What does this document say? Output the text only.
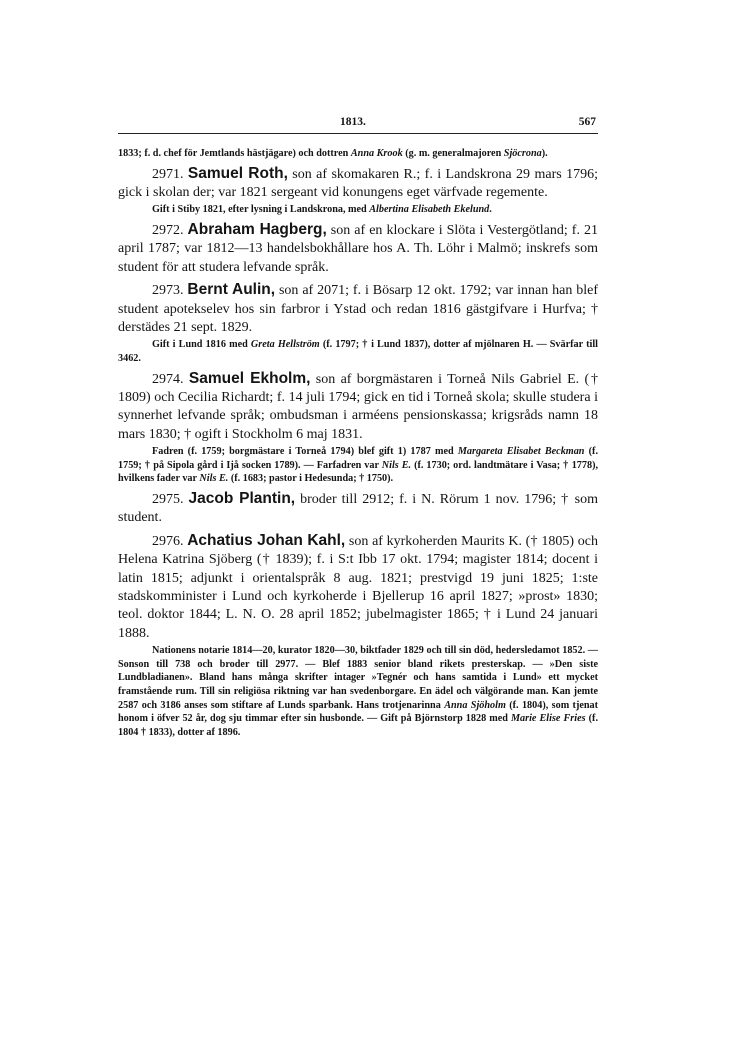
1813.	567

1833; f. d. chef för Jemtlands hästjägare) och dottren Anna Krook (g. m. generalmajoren Sjöcrona).

2971. Samuel Roth, son af skomakaren R.; f. i Landskrona 29 mars 1796; gick i skolan der; var 1821 sergeant vid konungens eget värfvade regemente.

Gift i Stiby 1821, efter lysning i Landskrona, med Albertina Elisabeth Ekelund.

2972. Abraham Hagberg, son af en klockare i Slöta i Vestergötland; f. 21 april 1787; var 1812—13 handelsbokhållare hos A. Th. Löhr i Malmö; inskrefs som student för att studera lefvande språk.

2973. Bernt Aulin, son af 2071; f. i Bösarp 12 okt. 1792; var innan han blef student apotekselev hos sin farbror i Ystad och redan 1816 gästgifvare i Hurfva; † derstädes 21 sept. 1829.

Gift i Lund 1816 med Greta Hellström (f. 1797; † i Lund 1837), dotter af mjölnaren H. — Svärfar till 3462.

2974. Samuel Ekholm, son af borgmästaren i Torneå Nils Gabriel E. († 1809) och Cecilia Richardt; f. 14 juli 1794; gick en tid i Torneå skola; skulle studera i synnerhet lefvande språk; ombudsman i arméens pensionskassa; krigsråds namn 18 mars 1830; † ogift i Stockholm 6 maj 1831.

Fadren (f. 1759; borgmästare i Torneå 1794) blef gift 1) 1787 med Margareta Elisabet Beckman (f. 1759; † på Sipola gård i Ijå socken 1789). — Farfadren var Nils E. (f. 1730; ord. landtmätare i Vasa; † 1778), hvilkens fader var Nils E. (f. 1683; pastor i Hedesunda; † 1750).

2975. Jacob Plantin, broder till 2912; f. i N. Rörum 1 nov. 1796; † som student.

2976. Achatius Johan Kahl, son af kyrkoherden Maurits K. († 1805) och Helena Katrina Sjöberg († 1839); f. i S:t Ibb 17 okt. 1794; magister 1814; docent i latin 1815; adjunkt i orientalspråk 8 aug. 1821; prestvigd 19 juni 1825; 1:ste stadskomminister i Lund och kyrkoherde i Bjellerup 16 april 1827; »prost» 1830; teol. doktor 1844; L. N. O. 28 april 1852; jubelmagister 1865; † i Lund 24 januari 1888.

Nationens notarie 1814—20, kurator 1820—30, biktfader 1829 och till sin död, hedersledamot 1852. — Sonson till 738 och broder till 2977. — Blef 1883 senior bland rikets presterskap. — »Den siste Lundbladianen». Bland hans många skrifter intager »Tegnér och hans samtida i Lund» ett mycket framstående rum. Till sin religiösa riktning var han svedenborgare. En ädel och välgörande man. Kan jemte 2587 och 3186 anses som stiftare af Lunds sparbank. Hans trotjenarinna Anna Sjöholm (f. 1804), som tjenat honom i öfver 52 år, dog sju timmar efter sin husbonde. — Gift på Björnstorp 1828 med Marie Elise Fries (f. 1804 † 1833), dotter af 1896.
